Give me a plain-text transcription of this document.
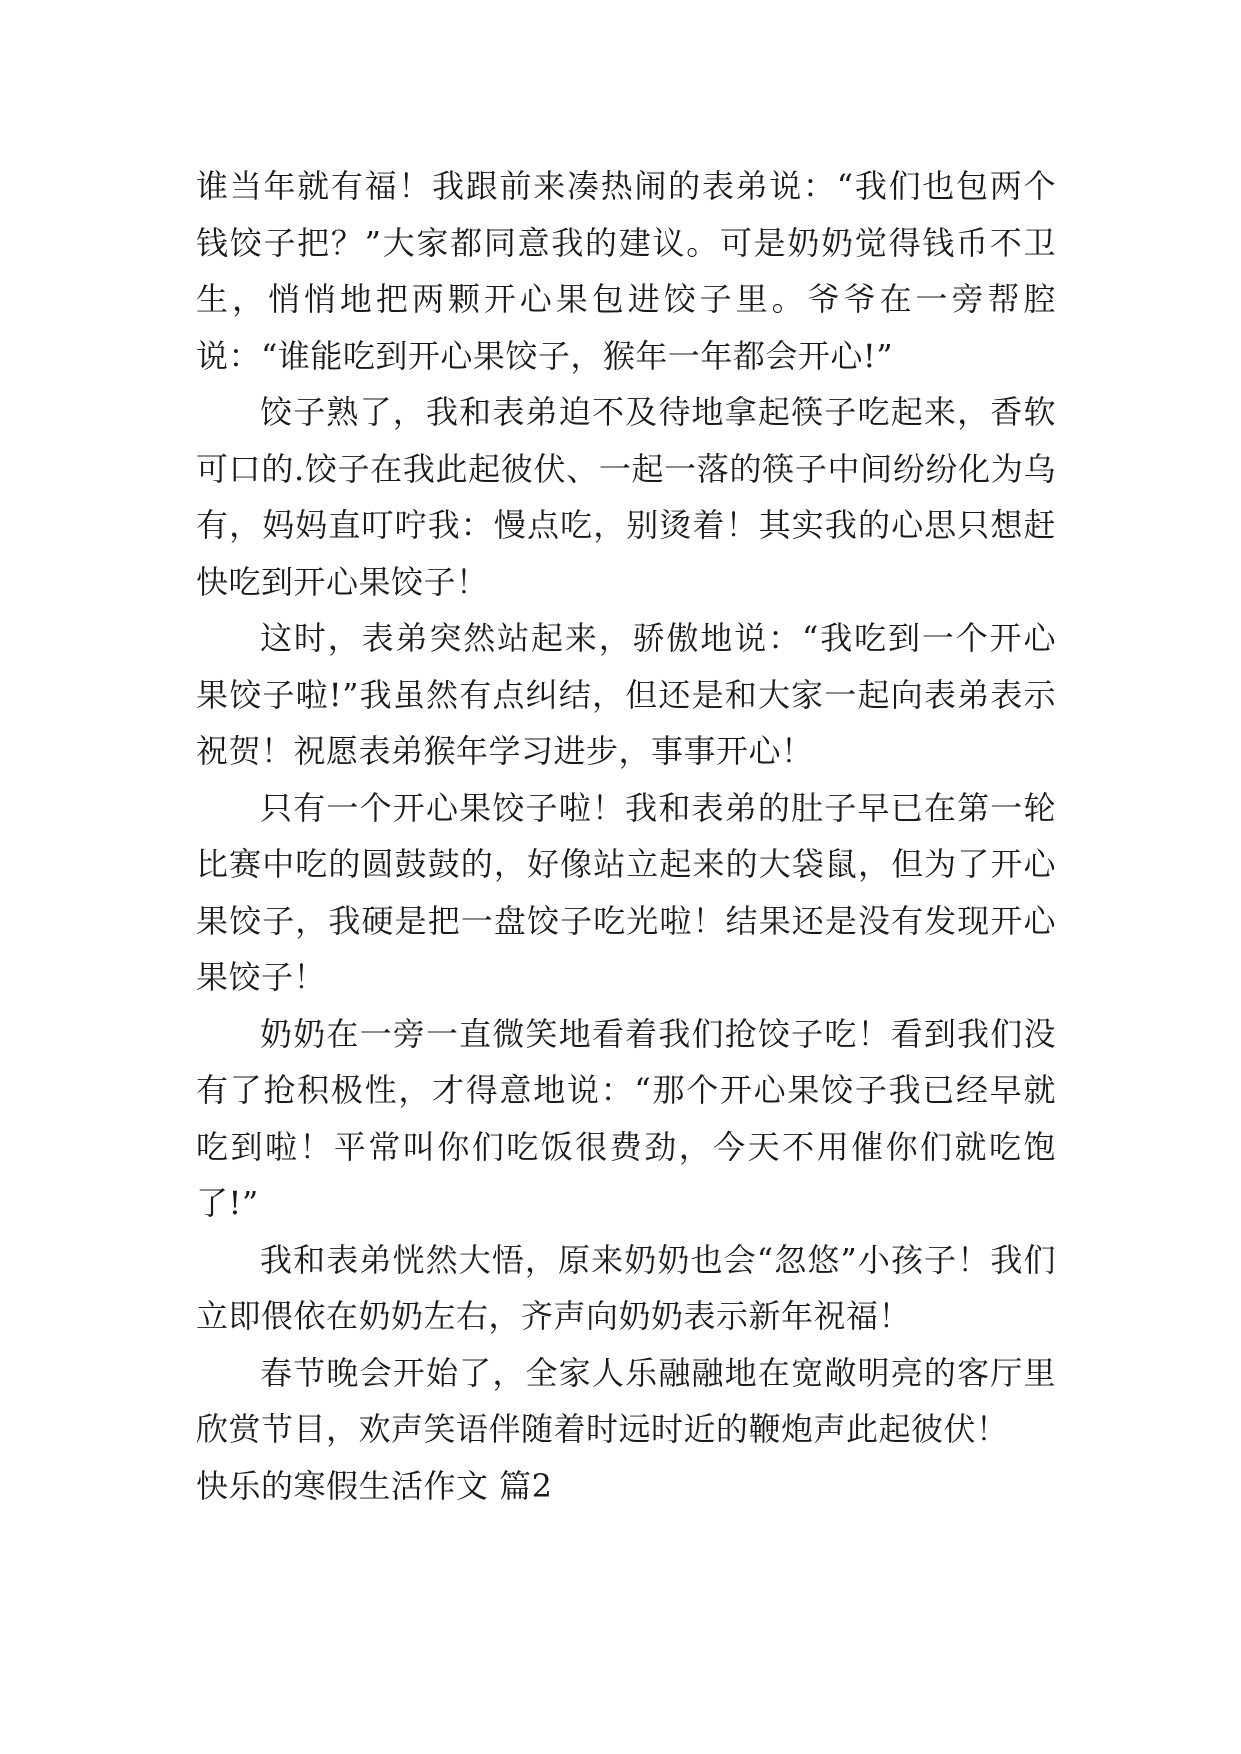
谁当年就有福！我跟前来凑热闹的表弟说：“我们也包两个钱饺子把？”大家都同意我的建议。可是奶奶觉得钱币不卫生，悄悄地把两颗开心果包进饺子里。爷爷在一旁帮腔说：“谁能吃到开心果饺子，猴年一年都会开心!”

饺子熟了，我和表弟迫不及待地拿起筷子吃起来，香软可口的.饺子在我此起彼伏、一起一落的筷子中间纷纷化为乌有，妈妈直叮咛我：慢点吃，别烫着！其实我的心思只想赶快吃到开心果饺子！

这时，表弟突然站起来，骄傲地说：“我吃到一个开心果饺子啦!”我虽然有点纠结，但还是和大家一起向表弟表示祝贺！祝愿表弟猴年学习进步，事事开心！

只有一个开心果饺子啦！我和表弟的肚子早已在第一轮比赛中吃的圆鼓鼓的，好像站立起来的大袋鼠，但为了开心果饺子，我硬是把一盘饺子吃光啦！结果还是没有发现开心果饺子！

奶奶在一旁一直微笑地看着我们抢饺子吃！看到我们没有了抢积极性，才得意地说：“那个开心果饺子我已经早就吃到啦！平常叫你们吃饭很费劲，今天不用催你们就吃饱了!”

我和表弟恍然大悟，原来奶奶也会“忽悠”小孩子！我们立即偎依在奶奶左右，齐声向奶奶表示新年祝福！

春节晚会开始了，全家人乐融融地在宽敞明亮的客厅里欣赏节目，欢声笑语伴随着时远时近的鞭炮声此起彼伏！

快乐的寒假生活作文 篇2
